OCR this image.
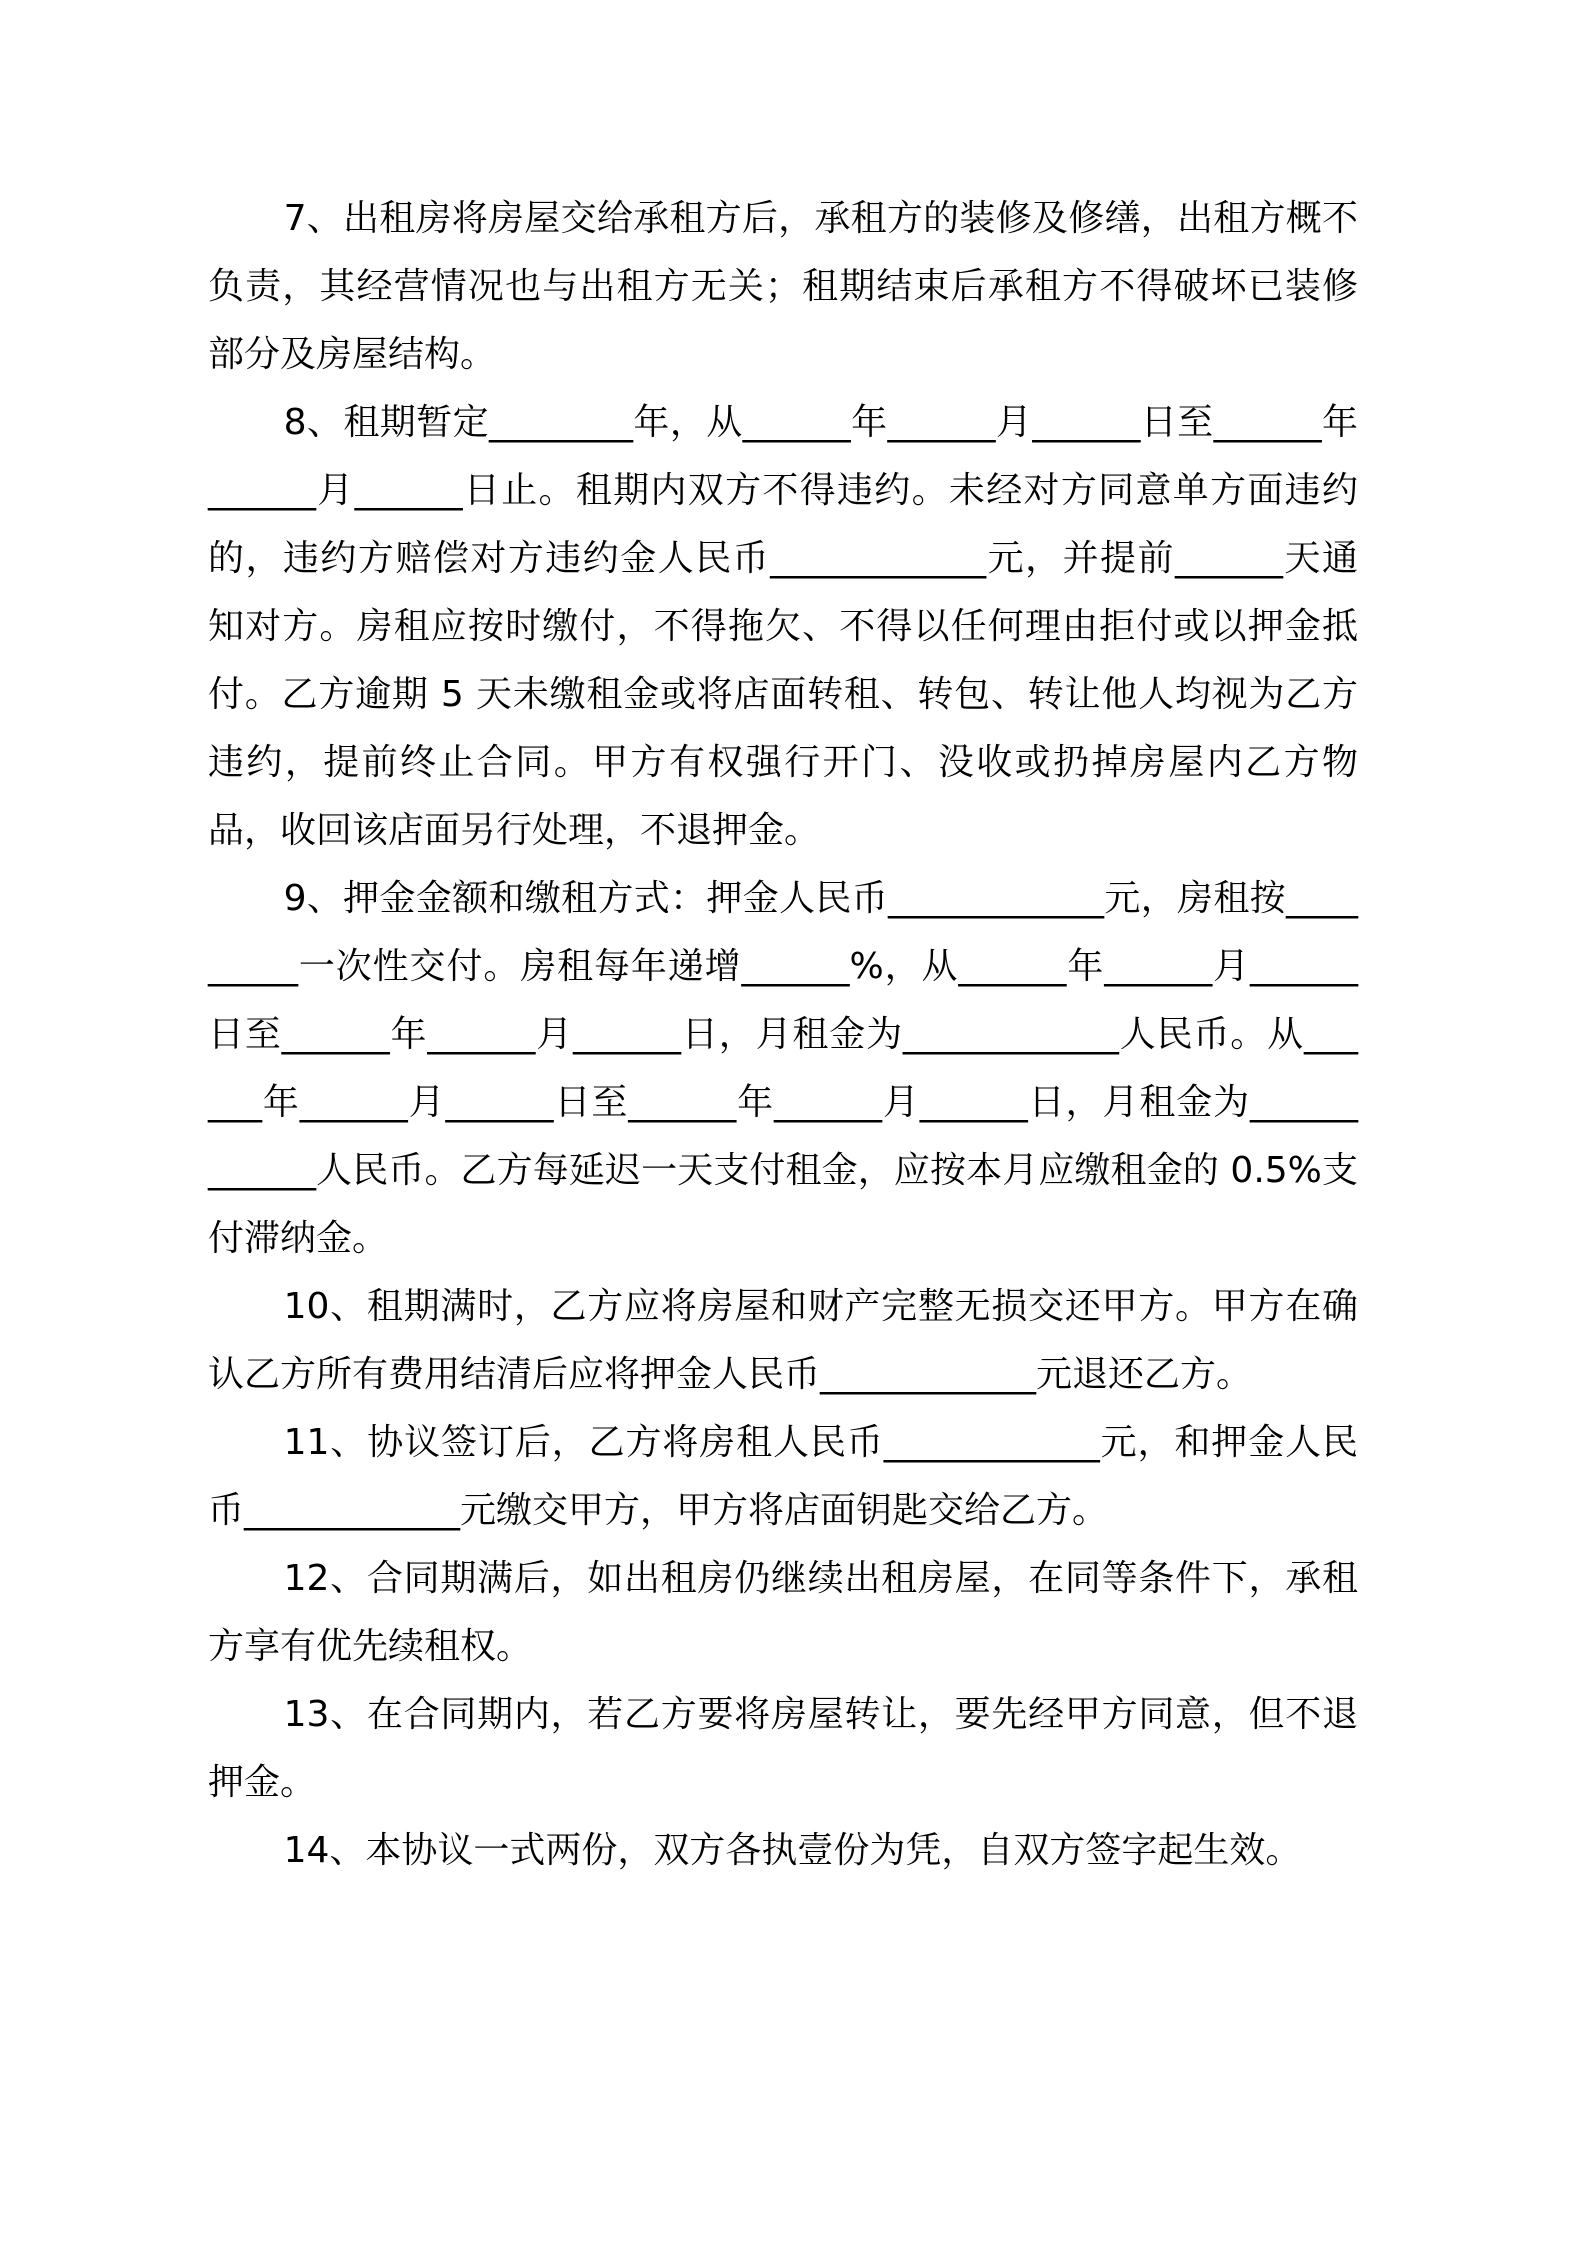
7、出租房将房屋交给承租方后，承租方的装修及修缮，出租方概不负责，其经营情况也与出租方无关；租期结束后承租方不得破坏已装修部分及房屋结构。

8、租期暂定________年，从______年______月______日至______年______月______日止。租期内双方不得违约。未经对方同意单方面违约的，违约方赔偿对方违约金人民币____________元，并提前______天通知对方。房租应按时缴付，不得拖欠、不得以任何理由拒付或以押金抵付。乙方逾期 5 天未缴租金或将店面转租、转包、转让他人均视为乙方违约，提前终止合同。甲方有权强行开门、没收或扔掉房屋内乙方物品，收回该店面另行处理，不退押金。

9、押金金额和缴租方式：押金人民币____________元，房租按_________一次性交付。房租每年递增______%，从______年______月______日至______年______月______日，月租金为____________人民币。从______年______月______日至______年______月______日，月租金为____________人民币。乙方每延迟一天支付租金，应按本月应缴租金的 0.5%支付滞纳金。

10、租期满时，乙方应将房屋和财产完整无损交还甲方。甲方在确认乙方所有费用结清后应将押金人民币____________元退还乙方。

11、协议签订后，乙方将房租人民币____________元，和押金人民币____________元缴交甲方，甲方将店面钥匙交给乙方。

12、合同期满后，如出租房仍继续出租房屋，在同等条件下，承租方享有优先续租权。

13、在合同期内，若乙方要将房屋转让，要先经甲方同意，但不退押金。

14、本协议一式两份，双方各执壹份为凭，自双方签字起生效。
